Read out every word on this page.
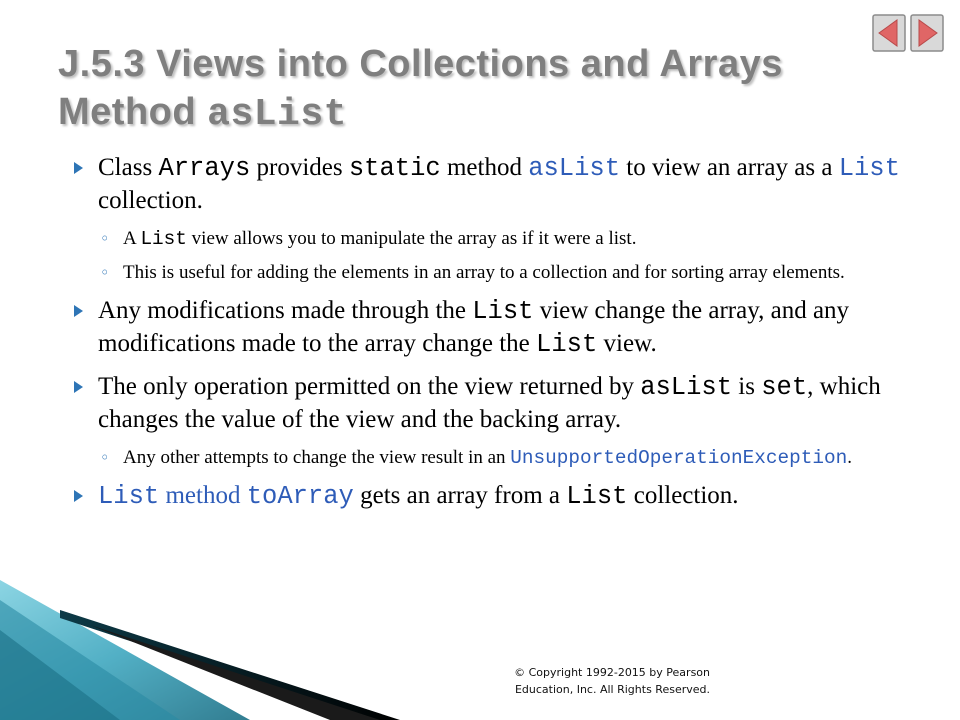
J.5.3 Views into Collections and Arrays
Method asList
Class Arrays provides static method asList to view an array as a List collection.
◦ A List view allows you to manipulate the array as if it were a list.
◦ This is useful for adding the elements in an array to a collection and for sorting array elements.
Any modifications made through the List view change the array, and any modifications made to the array change the List view.
The only operation permitted on the view returned by asList is set, which changes the value of the view and the backing array.
◦ Any other attempts to change the view result in an UnsupportedOperationException.
List method toArray gets an array from a List collection.
© Copyright 1992-2015 by Pearson
Education, Inc. All Rights Reserved.
